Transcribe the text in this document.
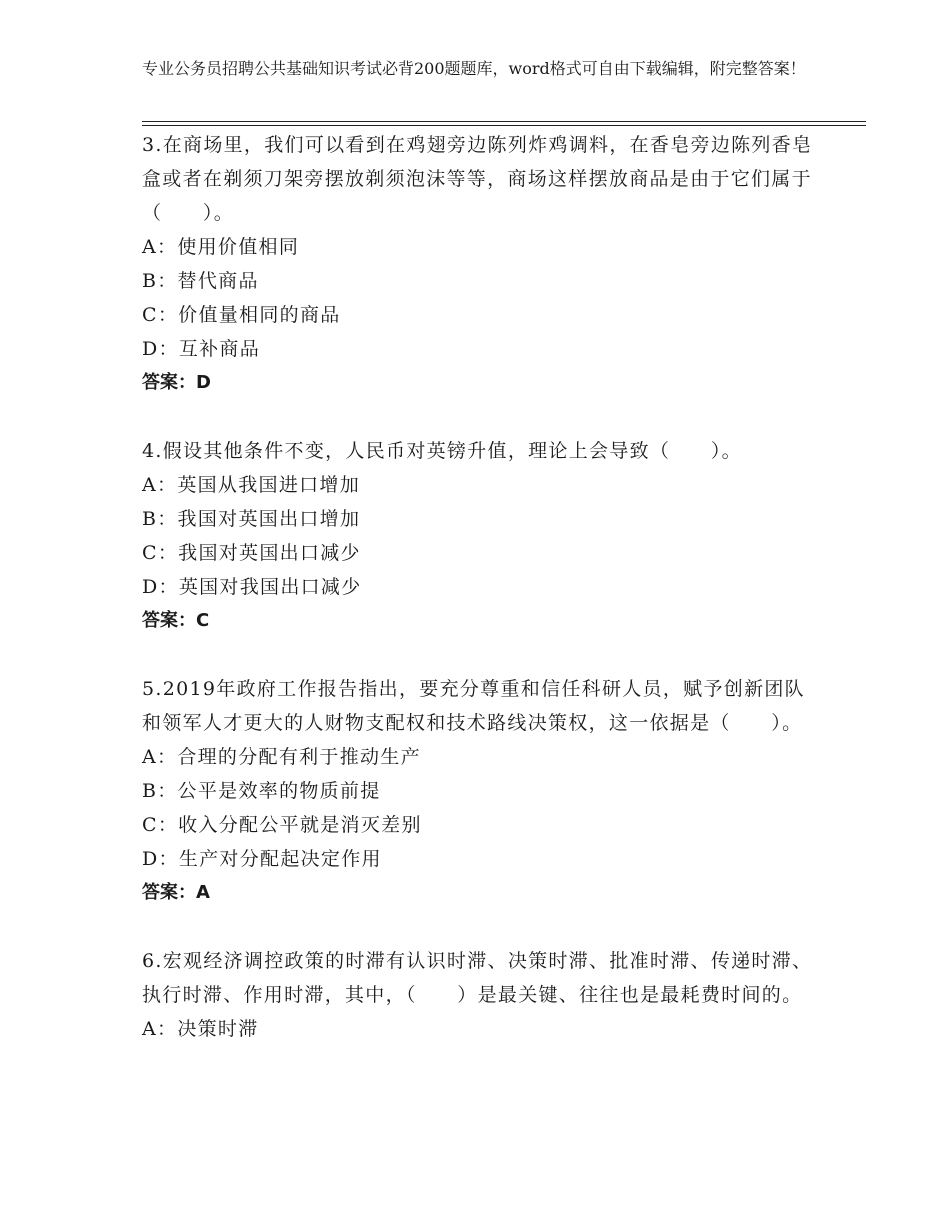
专业公务员招聘公共基础知识考试必背200题题库，word格式可自由下载编辑，附完整答案！
3.在商场里，我们可以看到在鸡翅旁边陈列炸鸡调料，在香皂旁边陈列香皂盒或者在剃须刀架旁摆放剃须泡沫等等，商场这样摆放商品是由于它们属于（　　）。
A：使用价值相同
B：替代商品
C：价值量相同的商品
D：互补商品
答案：D
4.假设其他条件不变，人民币对英镑升值，理论上会导致（　　）。
A：英国从我国进口增加
B：我国对英国出口增加
C：我国对英国出口减少
D：英国对我国出口减少
答案：C
5.2019年政府工作报告指出，要充分尊重和信任科研人员，赋予创新团队和领军人才更大的人财物支配权和技术路线决策权，这一依据是（　　）。
A：合理的分配有利于推动生产
B：公平是效率的物质前提
C：收入分配公平就是消灭差别
D：生产对分配起决定作用
答案：A
6.宏观经济调控政策的时滞有认识时滞、决策时滞、批准时滞、传递时滞、执行时滞、作用时滞，其中，（　　）是最关键、往往也是最耗费时间的。
A：决策时滞
